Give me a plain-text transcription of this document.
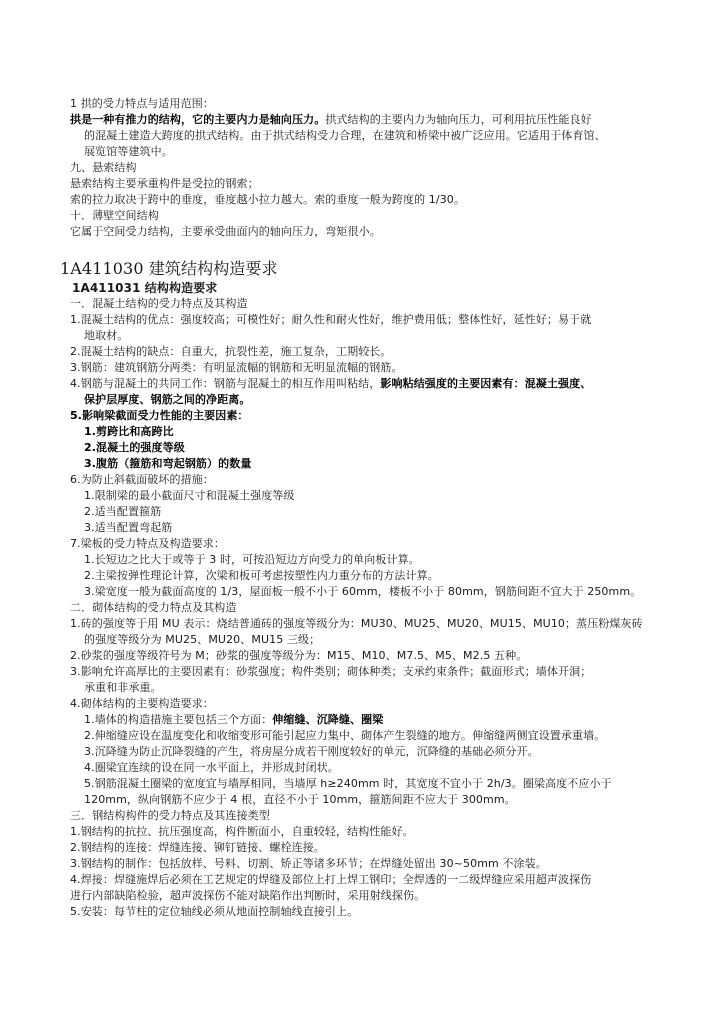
1 拱的受力特点与适用范围：
拱是一种有推力的结构，它的主要内力是轴向压力。拱式结构的主要内力为轴向压力，可利用抗压性能良好
的混凝土建造大跨度的拱式结构。由于拱式结构受力合理，在建筑和桥梁中被广泛应用。它适用于体育馆、
展览馆等建筑中。
九、悬索结构
悬索结构主要承重构件是受拉的钢索；
索的拉力取决于跨中的垂度，垂度越小拉力越大。索的垂度一般为跨度的 1/30。
十．薄壁空间结构
它属于空间受力结构，主要承受曲面内的轴向压力，弯矩很小。
1A411030 建筑结构构造要求
1A411031 结构构造要求
一．混凝土结构的受力特点及其构造
1.混凝土结构的优点：强度较高；可模性好；耐久性和耐火性好，维护费用低；整体性好，延性好；易于就
地取材。
2.混凝土结构的缺点：自重大，抗裂性差，施工复杂，工期较长。
3.钢筋：建筑钢筋分两类：有明显流幅的钢筋和无明显流幅的钢筋。
4.钢筋与混凝土的共同工作：钢筋与混凝土的相互作用叫粘结，影响粘结强度的主要因素有：混凝土强度、
保护层厚度、钢筋之间的净距离。
5.影响梁截面受力性能的主要因素：
1.剪跨比和高跨比
2.混凝土的强度等级
3.腹筋（箍筋和弯起钢筋）的数量
6.为防止斜截面破坏的措施：
1.限制梁的最小截面尺寸和混凝土强度等级
2.适当配置箍筋
3.适当配置弯起筋
7.梁板的受力特点及构造要求：
1.长短边之比大于或等于 3 时，可按沿短边方向受力的单向板计算。
2.主梁按弹性理论计算，次梁和板可考虑按塑性内力重分布的方法计算。
3.梁宽度一般为截面高度的 1/3，屋面板一般不小于 60mm，楼板不小于 80mm，钢筋间距不宜大于 250mm。
二．砌体结构的受力特点及其构造
1.砖的强度等于用 MU 表示：烧结普通砖的强度等级分为：MU30、MU25、MU20、MU15、MU10；蒸压粉煤灰砖
的强度等级分为 MU25、MU20、MU15 三级；
2.砂浆的强度等级符号为 M；砂浆的强度等级分为：M15、M10、M7.5、M5、M2.5 五种。
3.影响允许高厚比的主要因素有：砂浆强度；构件类别；砌体种类；支承约束条件；截面形式；墙体开洞；
承重和非承重。
4.砌体结构的主要构造要求：
1.墙体的构造措施主要包括三个方面：伸缩缝、沉降缝、圈梁
2.伸缩缝应设在温度变化和收缩变形可能引起应力集中、砌体产生裂缝的地方。伸缩缝两侧宜设置承重墙。
3.沉降缝为防止沉降裂缝的产生，将房屋分成若干刚度较好的单元，沉降缝的基础必须分开。
4.圈梁宜连续的设在同一水平面上，并形成封闭状。
5.钢筋混凝土圈梁的宽度宜与墙厚相同，当墙厚 h≥240mm 时，其宽度不宜小于 2h/3。圈梁高度不应小于
120mm，纵向钢筋不应少于 4 根，直径不小于 10mm，箍筋间距不应大于 300mm。
三．钢结构构件的受力特点及其连接类型
1.钢结构的抗拉、抗压强度高，构件断面小，自重较轻，结构性能好。
2.钢结构的连接：焊缝连接、铆钉链接、螺栓连接。
3.钢结构的制作：包括放样、号料、切割、矫正等诸多环节；在焊缝处留出 30~50mm 不涂装。
4.焊接：焊缝施焊后必须在工艺规定的焊缝及部位上打上焊工钢印；全焊透的一二级焊缝应采用超声波探伤
进行内部缺陷检验，超声波探伤不能对缺陷作出判断时，采用射线探伤。
5.安装：每节柱的定位轴线必须从地面控制轴线直接引上。
